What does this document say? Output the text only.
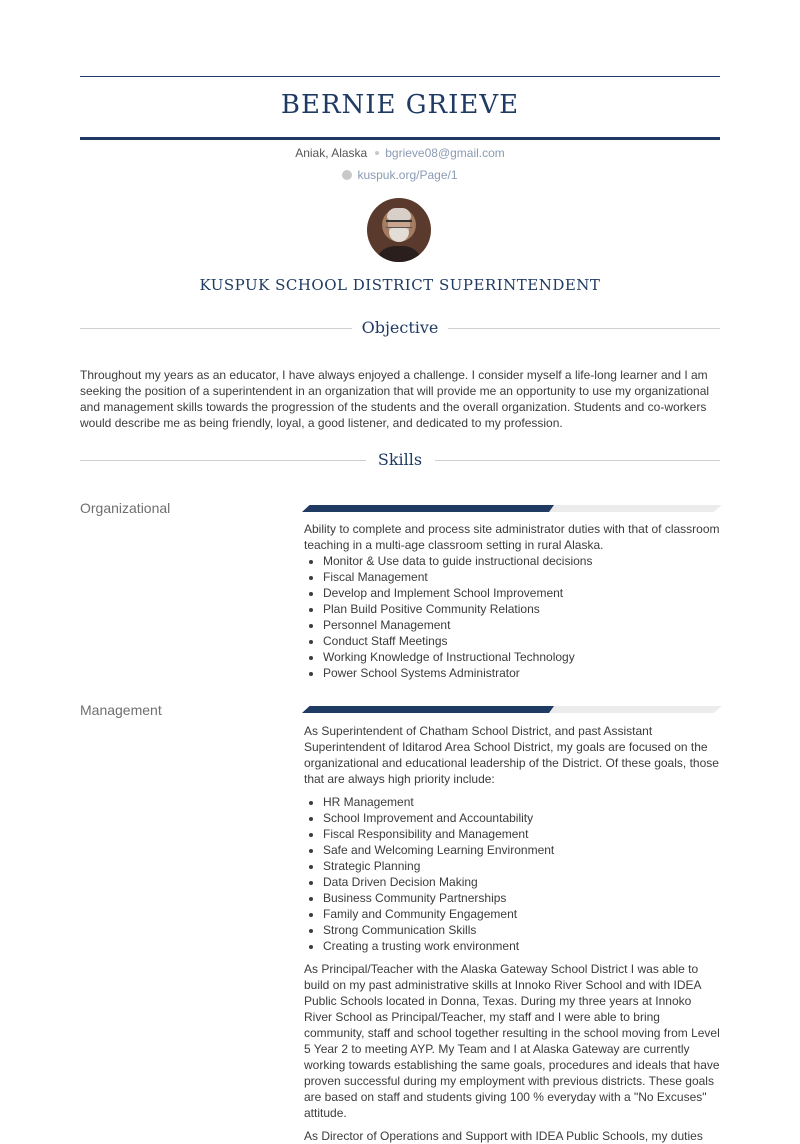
BERNIE GRIEVE
Aniak, Alaska bgrieve08@gmail.com
kuspuk.org/Page/1
KUSPUK SCHOOL DISTRICT SUPERINTENDENT
Objective
Throughout my years as an educator, I have always enjoyed a challenge. I consider myself a life-long learner and I am seeking the position of a superintendent in an organization that will provide me an opportunity to use my organizational and management skills towards the progression of the students and the overall organization. Students and co-workers would describe me as being friendly, loyal, a good listener, and dedicated to my profession.
Skills
Organizational

Ability to complete and process site administrator duties with that of classroom teaching in a multi-age classroom setting in rural Alaska.

• Monitor & Use data to guide instructional decisions
• Fiscal Management
• Develop and Implement School Improvement
• Plan Build Positive Community Relations
• Personnel Management
• Conduct Staff Meetings
• Working Knowledge of Instructional Technology
• Power School Systems Administrator
Management

As Superintendent of Chatham School District, and past Assistant Superintendent of Iditarod Area School District, my goals are focused on the organizational and educational leadership of the District. Of these goals, those that are always high priority include:

• HR Management
• School Improvement and Accountability
• Fiscal Responsibility and Management
• Safe and Welcoming Learning Environment
• Strategic Planning
• Data Driven Decision Making
• Business Community Partnerships
• Family and Community Engagement
• Strong Communication Skills
• Creating a trusting work environment

As Principal/Teacher with the Alaska Gateway School District I was able to build on my past administrative skills at Innoko River School and with IDEA Public Schools located in Donna, Texas. During my three years at Innoko River School as Principal/Teacher, my staff and I were able to bring community, staff and school together resulting in the school moving from Level 5 Year 2 to meeting AYP. My Team and I at Alaska Gateway are currently working towards establishing the same goals, procedures and ideals that have proven successful during my employment with previous districts. These goals are based on staff and students giving 100 % everyday with a "No Excuses" attitude.

As Director of Operations and Support with IDEA Public Schools, my duties
